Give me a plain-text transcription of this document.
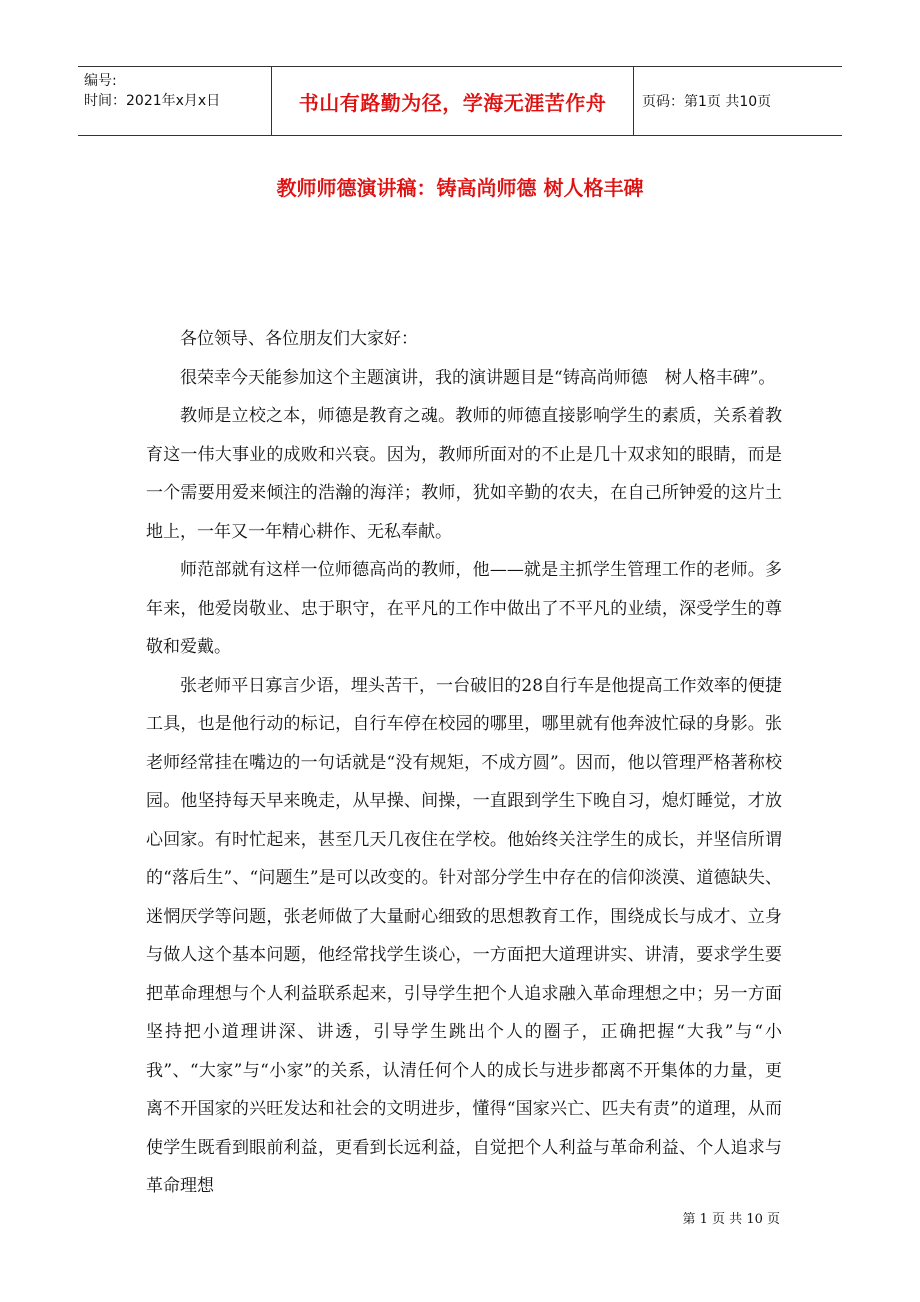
编号:
时间：2021年x月x日	书山有路勤为径，学海无涯苦作舟	页码：第1页 共10页
教师师德演讲稿：铸高尚师德 树人格丰碑

各位领导、各位朋友们大家好：

很荣幸今天能参加这个主题演讲，我的演讲题目是“铸高尚师德　树人格丰碑”。

教师是立校之本，师德是教育之魂。教师的师德直接影响学生的素质，关系着教育这一伟大事业的成败和兴衰。因为，教师所面对的不止是几十双求知的眼睛，而是一个需要用爱来倾注的浩瀚的海洋；教师，犹如辛勤的农夫，在自己所钟爱的这片土地上，一年又一年精心耕作、无私奉献。

师范部就有这样一位师德高尚的教师，他——就是主抓学生管理工作的老师。多年来，他爱岗敬业、忠于职守，在平凡的工作中做出了不平凡的业绩，深受学生的尊敬和爱戴。

张老师平日寡言少语，埋头苦干，一台破旧的28自行车是他提高工作效率的便捷工具，也是他行动的标记，自行车停在校园的哪里，哪里就有他奔波忙碌的身影。张老师经常挂在嘴边的一句话就是“没有规矩，不成方圆”。因而，他以管理严格著称校园。他坚持每天早来晚走，从早操、间操，一直跟到学生下晚自习，熄灯睡觉，才放心回家。有时忙起来，甚至几天几夜住在学校。他始终关注学生的成长，并坚信所谓的“落后生”、“问题生”是可以改变的。针对部分学生中存在的信仰淡漠、道德缺失、迷惘厌学等问题，张老师做了大量耐心细致的思想教育工作，围绕成长与成才、立身与做人这个基本问题，他经常找学生谈心，一方面把大道理讲实、讲清，要求学生要把革命理想与个人利益联系起来，引导学生把个人追求融入革命理想之中；另一方面坚持把小道理讲深、讲透，引导学生跳出个人的圈子，正确把握“大我”与“小我”、“大家”与“小家”的关系，认清任何个人的成长与进步都离不开集体的力量，更离不开国家的兴旺发达和社会的文明进步，懂得“国家兴亡、匹夫有责”的道理，从而使学生既看到眼前利益，更看到长远利益，自觉把个人利益与革命利益、个人追求与革命理想

第 1 页 共 10 页
